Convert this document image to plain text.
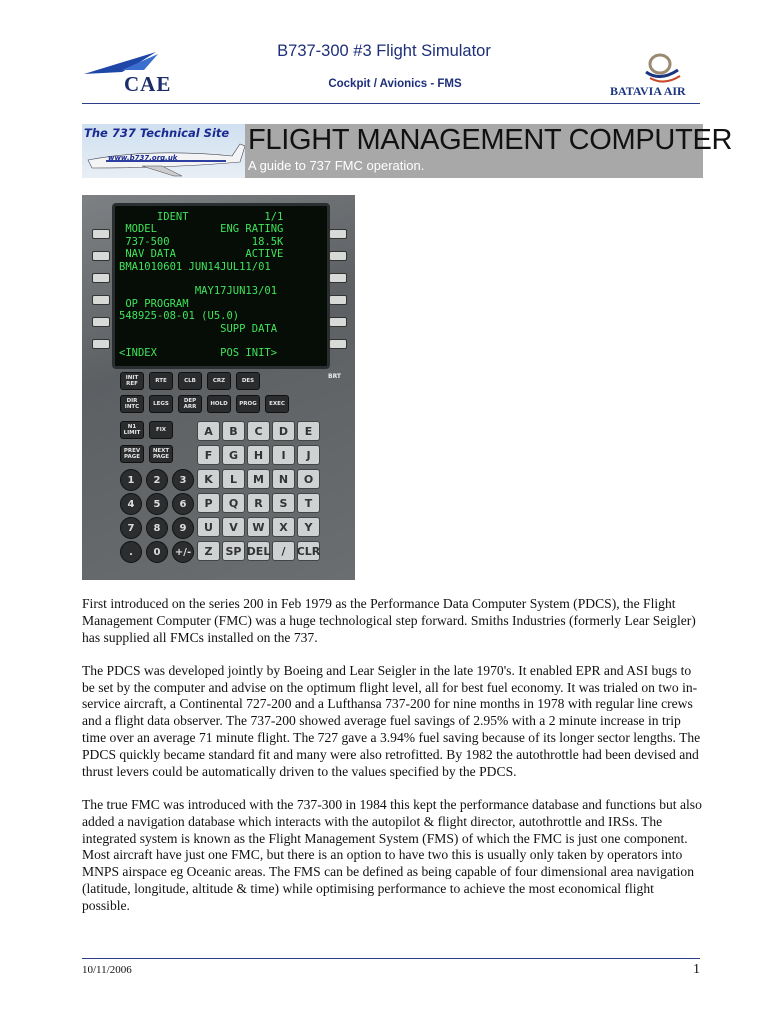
CAE
B737-300 #3 Flight Simulator
Cockpit / Avionics - FMS	BATAVIA AIR
The 737 Technical Site
www.b737.org.uk
FLIGHT MANAGEMENT COMPUTER
A guide to 737 FMC operation.
IDENT            1/1
MODEL          ENG RATING
737-500             18.5K
NAV DATA           ACTIVE
BMA1010601 JUN14JUL11/01
MAY17JUN13/01
OP PROGRAM
548925-08-01 (U5.0)
SUPP DATA
<INDEX          POS INIT>
INIT REF	RTE	CLB	CRZ	DES
DIR INTC	LEGS	DEP ARR	HOLD	PROG	EXEC
N1 LIMIT	FIX
PREV PAGE
NEXT PAGE
A	B	C	D	E
F	G	H	I	J
K	L	M	N	O
P	Q	R	S	T
U	V	W	X	Y
Z	SP DEL	/	CLR
1	2	3
4	5	6
7	8	9
.	0	+/-
BRT

First introduced on the series 200 in Feb 1979 as the Performance Data Computer System (PDCS), the Flight Management Computer (FMC) was a huge technological step forward. Smiths Industries (formerly Lear Seigler) has supplied all FMCs installed on the 737.

The PDCS was developed jointly by Boeing and Lear Seigler in the late 1970's. It enabled EPR and ASI bugs to be set by the computer and advise on the optimum flight level, all for best fuel economy. It was trialed on two in-service aircraft, a Continental 727-200 and a Lufthansa 737-200 for nine months in 1978 with regular line crews and a flight data observer. The 737-200 showed average fuel savings of 2.95% with a 2 minute increase in trip time over an average 71 minute flight. The 727 gave a 3.94% fuel saving because of its longer sector lengths. The PDCS quickly became standard fit and many were also retrofitted. By 1982 the autothrottle had been devised and thrust levers could be automatically driven to the values specified by the PDCS.

The true FMC was introduced with the 737-300 in 1984 this kept the performance database and functions but also added a navigation database which interacts with the autopilot & flight director, autothrottle and IRSs. The integrated system is known as the Flight Management System (FMS) of which the FMC is just one component. Most aircraft have just one FMC, but there is an option to have two this is usually only taken by operators into MNPS airspace eg Oceanic areas. The FMS can be defined as being capable of four dimensional area navigation (latitude, longitude, altitude & time) while optimising performance to achieve the most economical flight possible.

10/11/2006	1
